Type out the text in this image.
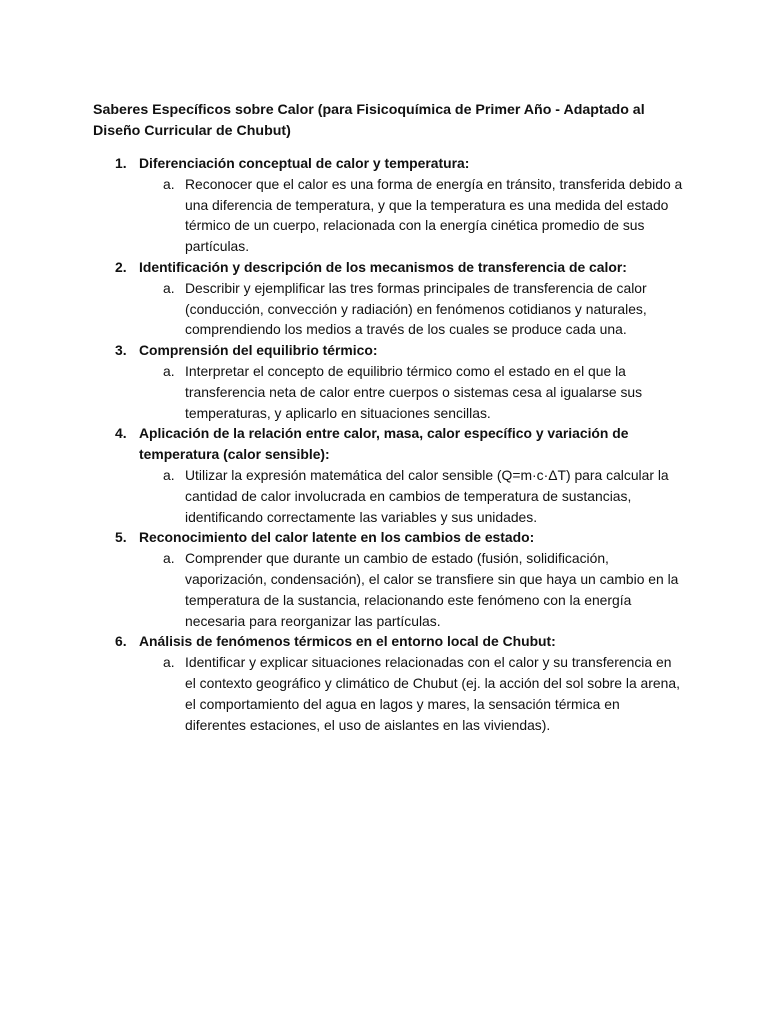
Saberes Específicos sobre Calor (para Fisicoquímica de Primer Año - Adaptado al Diseño Curricular de Chubut)
1. Diferenciación conceptual de calor y temperatura:
a. Reconocer que el calor es una forma de energía en tránsito, transferida debido a una diferencia de temperatura, y que la temperatura es una medida del estado térmico de un cuerpo, relacionada con la energía cinética promedio de sus partículas.
2. Identificación y descripción de los mecanismos de transferencia de calor:
a. Describir y ejemplificar las tres formas principales de transferencia de calor (conducción, convección y radiación) en fenómenos cotidianos y naturales, comprendiendo los medios a través de los cuales se produce cada una.
3. Comprensión del equilibrio térmico:
a. Interpretar el concepto de equilibrio térmico como el estado en el que la transferencia neta de calor entre cuerpos o sistemas cesa al igualarse sus temperaturas, y aplicarlo en situaciones sencillas.
4. Aplicación de la relación entre calor, masa, calor específico y variación de temperatura (calor sensible):
a. Utilizar la expresión matemática del calor sensible (Q=m·c·ΔT) para calcular la cantidad de calor involucrada en cambios de temperatura de sustancias, identificando correctamente las variables y sus unidades.
5. Reconocimiento del calor latente en los cambios de estado:
a. Comprender que durante un cambio de estado (fusión, solidificación, vaporización, condensación), el calor se transfiere sin que haya un cambio en la temperatura de la sustancia, relacionando este fenómeno con la energía necesaria para reorganizar las partículas.
6. Análisis de fenómenos térmicos en el entorno local de Chubut:
a. Identificar y explicar situaciones relacionadas con el calor y su transferencia en el contexto geográfico y climático de Chubut (ej. la acción del sol sobre la arena, el comportamiento del agua en lagos y mares, la sensación térmica en diferentes estaciones, el uso de aislantes en las viviendas).
